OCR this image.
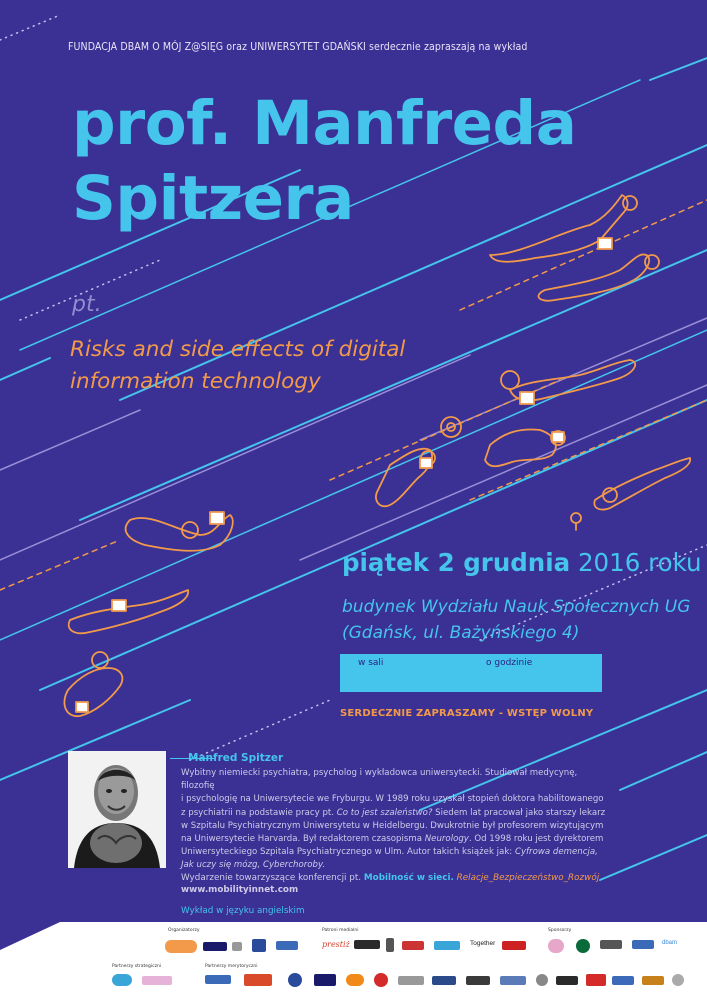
FUNDACJA DBAM O MÓJ Z@SIĘG oraz UNIWERSYTET GDAŃSKI serdecznie zapraszają na wykład
prof. Manfreda
Spitzera
pt.
Risks and side effects of digital
information technology
piątek 2 grudnia 2016 roku
budynek Wydziału Nauk Społecznych UG
(Gdańsk, ul. Bażyńskiego 4)
w sali	o godzinie
SERDECZNIE ZAPRASZAMY - WSTĘP WOLNY
Manfred Spitzer
Wybitny niemiecki psychiatra, psycholog i wykładowca uniwersytecki. Studiował medycynę, filozofię
i psychologię na Uniwersytecie we Fryburgu. W 1989 roku uzyskał stopień doktora habilitowanego
z psychiatrii na podstawie pracy pt. Co to jest szaleństwo? Siedem lat pracował jako starszy lekarz
w Szpitalu Psychiatrycznym Uniwersytetu w Heidelbergu. Dwukrotnie był profesorem wizytującym
na Uniwersytecie Harvarda. Był redaktorem czasopisma Neurology. Od 1998 roku jest dyrektorem
Uniwersyteckiego Szpitala Psychiatrycznego w Ulm. Autor takich książek jak: Cyfrowa demencja,
Jak uczy się mózg, Cyberchoroby.
Wydarzenie towarzyszące konferencji pt. Mobilność w sieci. Relacje_Bezpieczeństwo_Rozwój
www.mobilityinnet.com
Wykład w języku angielskim
Organizatorzy	Patroni medialni	Sponsorzy
Partnerzy strategiczni	Partnerzy merytoryczni
prestiż	Together	dbam
